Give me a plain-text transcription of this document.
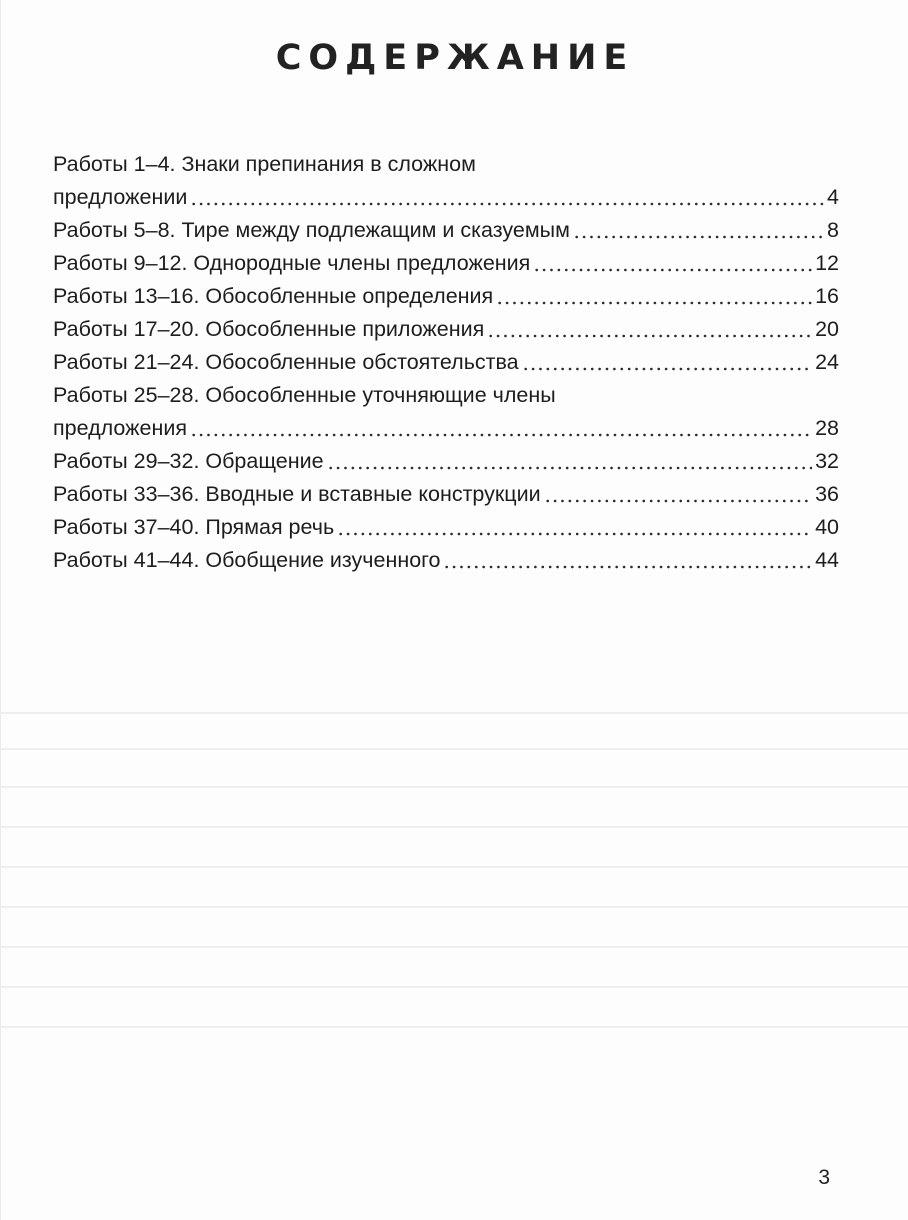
СОДЕРЖАНИЕ
Работы 1–4. Знаки препинания в сложном
предложении	4
Работы 5–8. Тире между подлежащим и сказуемым	8
Работы 9–12. Однородные члены предложения	12
Работы 13–16. Обособленные определения	16
Работы 17–20. Обособленные приложения	20
Работы 21–24. Обособленные обстоятельства	24
Работы 25–28. Обособленные уточняющие члены
предложения	28
Работы 29–32. Обращение	32
Работы 33–36. Вводные и вставные конструкции	36
Работы 37–40. Прямая речь	40
Работы 41–44. Обобщение изученного	44
3
